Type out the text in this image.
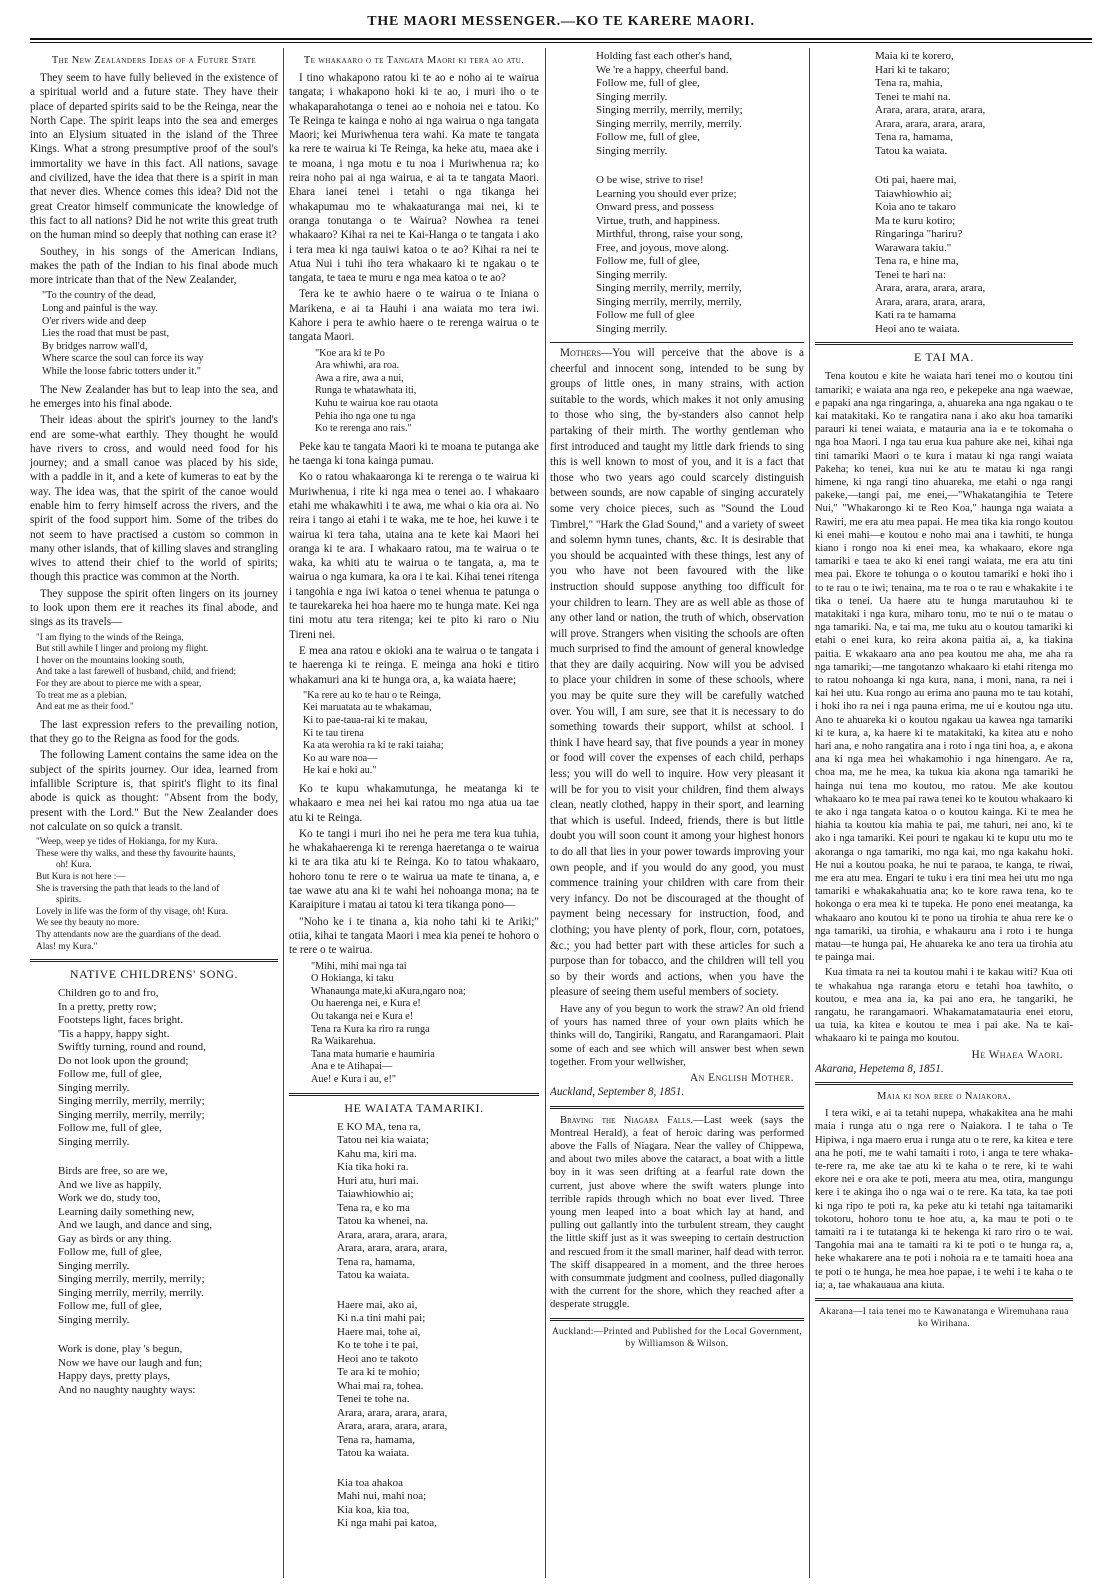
THE MAORI MESSENGER.—KO TE KARERE MAORI.
The New Zealanders Ideas of a Future State

They seem to have fully believed in the existence of a spiritual world and a future state. They have their place of departed spirits said to be the Reinga, near the North Cape. The spirit leaps into the sea and emerges into an Elysium situated in the island of the Three Kings. What a strong presumptive proof of the soul's immortality we have in this fact. All nations, savage and civilized, have the idea that there is a spirit in man that never dies. Whence comes this idea? Did not the great Creator himself communicate the knowledge of this fact to all nations? Did he not write this great truth on the human mind so deeply that nothing can erase it?

Southey, in his songs of the American Indians, makes the path of the Indian to his final abode much more intricate than that of the New Zealander,

"To the country of the dead,
Long and painful is the way.
O'er rivers wide and deep
Lies the road that must be past,
By bridges narrow wall'd,
Where scarce the soul can force its way
While the loose fabric totters under it."

The New Zealander has but to leap into the sea, and he emerges into his final abode.

Their ideas about the spirit's journey to the land's end are some-what earthly. They thought he would have rivers to cross, and would need food for his journey; and a small canoe was placed by his side, with a paddle in it, and a kete of kumeras to eat by the way. The idea was, that the spirit of the canoe would enable him to ferry himself across the rivers, and the spirit of the food support him. Some of the tribes do not seem to have practised a custom so common in many other islands, that of killing slaves and strangling wives to attend their chief to the world of spirits; though this practice was common at the North.

They suppose the spirit often lingers on its journey to look upon them ere it reaches its final abode, and sings as its travels—

"I am flying to the winds of the Reinga,
But still awhile I linger and prolong my flight.
I hover on the mountains looking south,
And take a last farewell of husband, child, and friend;
For they are about to pierce me with a spear,
To treat me as a plebian,
And eat me as their food."

The last expression refers to the prevailing notion, that they go to the Reigna as food for the gods.

The following Lament contains the same idea on the subject of the spirits journey. Our idea, learned from infallible Scripture is, that spirit's flight to its final abode is quick as thought: "Absent from the body, present with the Lord." But the New Zealander does not calculate on so quick a transit.

"Weep, weep ye tides of Hokianga, for my Kura.
These were thy walks, and these thy favourite haunts,
oh! Kura.
But Kura is not here :—
She is traversing the path that leads to the land of
spirits.
Lovely in life was the form of thy visage, oh! Kura.
We see thy beauty no more.
Thy attendants now are the guardians of the dead.
Alas! my Kura."
NATIVE CHILDRENS' SONG.
Children go to and fro,
In a pretty, pretty row;
Footsteps light, faces bright.
'Tis a happy, happy sight.
Swiftly turning, round and round,
Do not look upon the ground;
Follow me, full of glee,
Singing merrily.
Singing merrily, merrily, merrily;
Singing merrily, merrily, merrily;
Follow me, full of glee,
Singing merrily.
Birds are free, so are we,
And we live as happily,
Work we do, study too,
Learning daily something new,
And we laugh, and dance and sing,
Gay as birds or any thing.
Follow me, full of glee,
Singing merrily.
Singing merrily, merrily, merrily;
Singing merrily, merrily, merrily.
Follow me, full of glee,
Singing merrily.
Work is done, play 's begun,
Now we have our laugh and fun;
Happy days, pretty plays,
And no naughty naughty ways:
Te whakaaro o te Tangata Maori ki tera ao atu.

I tino whakapono ratou ki te ao e noho ai te wairua tangata; i whakapono hoki ki te ao, i muri iho o te whakaparahotanga o tenei ao e nohoia nei e tatou. Ko Te Reinga te kainga e noho ai nga wairua o nga tangata Maori; kei Muriwhenua tera wahi. Ka mate te tangata ka rere te wairua ki Te Reinga, ka heke atu, maea ake i te moana, i nga motu e tu noa i Muriwhenua ra; ko reira noho pai ai nga wairua, e ai ta te tangata Maori. Ehara ianei tenei i tetahi o nga tikanga hei whakapumau mo te whakaaturanga mai nei, ki te oranga tonutanga o te Wairua? Nowhea ra tenei whakaaro? Kihai ra nei te Kai-Hanga o te tangata i ako i tera mea ki nga tauiwi katoa o te ao? Kihai ra nei te Atua Nui i tuhi iho tera whakaaro ki te ngakau o te tangata, te taea te muru e nga mea katoa o te ao?

Tera ke te awhio haere o te wairua o te Iniana o Marikena, e ai ta Hauhi i ana waiata mo tera iwi. Kahore i pera te awhio haere o te rerenga wairua o te tangata Maori.

"Koe ara ki te Po
Ara whiwhi, ara roa.
Awa a rire, awa a nui,
Runga te whatawhata iti,
Kuhu te wairua koe rau otaota
Pehia iho nga one tu nga
Ko te rerenga ano rais."

Peke kau te tangata Maori ki te moana te putanga ake he taenga ki tona kainga pumau.

Ko o ratou whakaaronga ki te rerenga o te wairua ki Muriwhenua, i rite ki nga mea o tenei ao. I whakaaro etahi me whakawhiti i te awa, me whai o kia ora ai. No reira i tango ai etahi i te waka, me te hoe, hei kuwe i te wairua ki tera taha, utaina ana te kete kai Maori hei oranga ki te ara. I whakaaro ratou, ma te wairua o te waka, ka whiti atu te wairua o te tangata, a, ma te wairua o nga kumara, ka ora i te kai. Kihai tenei ritenga i tangohia e nga iwi katoa o tenei whenua te patunga o te taurekareka hei hoa haere mo te hunga mate. Kei nga tini motu atu tera ritenga; kei te pito ki raro o Niu Tireni nei.

E mea ana ratou e okioki ana te wairua o te tangata i te haerenga ki te reinga. E meinga ana hoki e titiro whakamuri ana ki te hunga ora, a, ka waiata haere;

"Ka rere au ko te hau o te Reinga,
Kei maruatata au te whakamau,
Ki to pae-taua-rai ki te makau,
Ki te tau tirena
Ka ata werohia ra ki te raki taiaha;
Ko au ware noa—
He kai e hoki au."

Ko te kupu whakamutunga, he meatanga ki te whakaaro e mea nei hei kai ratou mo nga atua ua tae atu ki te Reinga.

Ko te tangi i muri iho nei he pera me tera kua tuhia, he whakahaerenga ki te rerenga haeretanga o te wairua ki te ara tika atu ki te Reinga. Ko to tatou whakaaro, hohoro tonu te rere o te wairua ua mate te tinana, a, e tae wawe atu ana ki te wahi hei nohoanga mona; na te Karaipiture i matau ai tatou ki tera tikanga pono—

"Noho ke i te tinana a, kia noho tahi ki te Ariki;" otiia, kihai te tangata Maori i mea kia penei te hohoro o te rere o te wairua.

"Mihi, mihi mai nga tai
O Hokianga, ki taku
Whanaunga mate,ki aKura,ngaro noa;
Ou haerenga nei, e Kura e!
Ou takanga nei e Kura e!
Tena ra Kura ka riro ra runga
Ra Waikarehua.
Tana mata humarie e haumiria
Ana e te Atihapai—
Aue! e Kura i au, e!"
HE WAIATA TAMARIKI.
E KO MA, tena ra,
Tatou nei kia waiata;
Kahu ma, kiri ma.
Kia tika hoki ra.
Huri atu, huri mai.
Taiawhiowhio ai;
Tena ra, e ko ma
Tatou ka whenei, na.
Arara, arara, arara, arara,
Arara, arara, arara, arara,
Tena ra, hamama,
Tatou ka waiata.
Haere mai, ako ai,
Ki n.a tini mahi pai;
Haere mai, tohe ai,
Ko te tohe i te pai,
Heoi ano te takoto
Te ara ki te mohio;
Whai mai ra, tohea.
Tenei te tohe na.
Arara, arara, arara, arara,
Arara, arara, arara, arara,
Tena ra, hamama,
Tatou ka waiata.
Kia toa ahakoa
Mahi nui, mahi noa;
Kia koa, kia toa,
Ki nga mahi pai katoa,
Holding fast each other's hand,
We 're a happy, cheerful band.
Follow me, full of glee,
Singing merrily.
Singing merrily, merrily, merrily;
Singing merrily, merrily, merrily.
Follow me, full of glee,
Singing merrily.
O be wise, strive to rise!
Learning you should ever prize;
Onward press, and possess
Virtue, truth, and happiness.
Mirthful, throng, raise your song,
Free, and joyous, move along.
Follow me, full of glee,
Singing merrily.
Singing merrily, merrily, merrily,
Singing merrily, merrily, merrily,
Follow me full of glee
Singing merrily.

Mothers—You will perceive that the above is a cheerful and innocent song, intended to be sung by groups of little ones, in many strains, with action suitable to the words, which makes it not only amusing to those who sing, the by-standers also cannot help partaking of their mirth. The worthy gentleman who first introduced and taught my little dark friends to sing this is well known to most of you, and it is a fact that those who two years ago could scarcely distinguish between sounds, are now capable of singing accurately some very choice pieces, such as "Sound the Loud Timbrel," "Hark the Glad Sound," and a variety of sweet and solemn hymn tunes, chants, &c. It is desirable that you should be acquainted with these things, lest any of you who have not been favoured with the like instruction should suppose anything too difficult for your children to learn. They are as well able as those of any other land or nation, the truth of which, observation will prove. Strangers when visiting the schools are often much surprised to find the amount of general knowledge that they are daily acquiring. Now will you be advised to place your children in some of these schools, where you may be quite sure they will be carefully watched over. You will, I am sure, see that it is necessary to do something towards their support, whilst at school. I think I have heard say, that five pounds a year in money or food will cover the expenses of each child, perhaps less; you will do well to inquire. How very pleasant it will be for you to visit your children, find them always clean, neatly clothed, happy in their sport, and learning that which is useful. Indeed, friends, there is but little doubt you will soon count it among your highest honors to do all that lies in your power towards improving your own people, and if you would do any good, you must commence training your children with care from their very infancy. Do not be discouraged at the thought of payment being necessary for instruction, food, and clothing; you have plenty of pork, flour, corn, potatoes, &c.; you had better part with these articles for such a purpose than for tobacco, and the children will tell you so by their words and actions, when you have the pleasure of seeing them useful members of society.

Have any of you begun to work the straw? An old friend of yours has named three of your own plaits which he thinks will do, Tangiriki, Rangatu, and Rarangamaori. Plait some of each and see which will answer best when sewn together. From your wellwisher,

An English Mother.

Auckland, September 8, 1851.

Braving the Niagara Falls.—Last week (says the Montreal Herald), a feat of heroic daring was performed above the Falls of Niagara. Near the valley of Chippewa, and about two miles above the cataract, a boat with a little boy in it was seen drifting at a fearful rate down the current, just above where the swift waters plunge into terrible rapids through which no boat ever lived. Three young men leaped into a boat which lay at hand, and pulling out gallantly into the turbulent stream, they caught the little skiff just as it was sweeping to certain destruction and rescued from it the small mariner, half dead with terror. The skiff disappeared in a moment, and the three heroes with consummate judgment and coolness, pulled diagonally with the current for the shore, which they reached after a desperate struggle.

Auckland:—Printed and Published for the Local Government, by Williamson & Wilson.
Maia ki te korero,
Hari ki te takaro;
Tena ra, mahia,
Tenei te mahi na.
Arara, arara, arara, arara,
Arara, arara, arara, arara,
Tena ra, hamama,
Tatou ka waiata.
Oti pai, haere mai,
Taiawhiowhio ai;
Koia ano te takaro
Ma te kuru kotiro;
Ringaringa "hariru?
Warawara takiu."
Tena ra, e hine ma,
Tenei te hari na:
Arara, arara, arara, arara,
Arara, arara, arara, arara,
Kati ra te hamama
Heoi ano te waiata.
E TAI MA.

Tena koutou e kite he waiata hari tenei mo o koutou tini tamariki; e waiata ana nga reo, e pekepeke ana nga waewae, e papaki ana nga ringaringa, a, ahuareka ana nga ngakau o te kai matakitaki. Ko te rangatira nana i ako aku hoa tamariki parauri ki tenei waiata, e matauria ana ia e te tokomaha o nga hoa Maori. I nga tau erua kua pahure ake nei, kihai nga tini tamariki Maori o te kura i matau ki nga rangi waiata Pakeha; ko tenei, kua nui ke atu te matau ki nga rangi himene, ki nga rangi tino ahuareka, me etahi o nga rangi pakeke,—tangi pai, me enei,—"Whakatangihia te Tetere Nui," "Whakarongo ki te Reo Koa," haunga nga waiata a Rawiri, me era atu mea papai. He mea tika kia rongo koutou ki enei mahi—e koutou e noho mai ana i tawhiti, te hunga kiano i rongo noa ki enei mea, ka whakaaro, ekore nga tamariki e taea te ako ki enei rangi waiata, me era atu tini mea pai. Ekore te tohunga o o koutou tamariki e hoki iho i to te rau o te iwi; tenaina, ma te roa o te rau e whakakite i te tika o tenei. Ua haere atu te hunga marutauhou ki te matakitaki i nga kura, miharo tonu, mo te nui o te matau o nga tamariki. Na, e tai ma, me tuku atu o koutou tamariki ki etahi o enei kura, ko reira akona paitia ai, a, ka tiakina paitia. E wkakaaro ana ano pea koutou me aha, me aha ra nga tamariki;—me tangotanzo whakaaro ki etahi ritenga mo to ratou nohoanga ki nga kura, nana, i moni, nana, ra nei i kai hei utu. Kua rongo au erima ano pauna mo te tau kotahi, i hoki iho ra nei i nga pauna erima, me ui e koutou nga utu. Ano te ahuareka ki o koutou ngakau ua kawea nga tamariki ki te kura, a, ka haere ki te matakitaki, ka kitea atu e noho hari ana, e noho rangatira ana i roto i nga tini hoa, a, e akona ana ki nga mea hei whakamohio i nga hinengaro. Ae ra, choa ma, me he mea, ka tukua kia akona nga tamariki he hainga nui tena mo koutou, mo ratou. Me ake koutou whakaaro ko te mea pai rawa tenei ko te koutou whakaaro ki te ako i nga tangata katoa o o koutou kainga. Ki te mea he hiahia ta koutou kia mahia te pai, me tahuri, nei ano, ki te ako i nga tamariki. Kei pouri te ngakau ki te kupu utu mo te akoranga o nga tamariki, mo nga kai, mo nga kakahu hoki. He nui a koutou poaka, he nui te paraoa, te kanga, te riwai, me era atu mea. Engari te tuku i era tini mea hei utu mo nga tamariki e whakakahuatia ana; ko te kore rawa tena, ko te hokonga o era mea ki te tupeka. He pono enei meatanga, ka whakaaro ano koutou ki te pono ua tirohia te ahua rere ke o nga tamariki, ua tirohia, e whakauru ana i roto i te hunga matau—te hunga pai, He ahuareka ke ano tera ua tirohia atu te painga mai.

Kua timata ra nei ta koutou mahi i te kakau witi? Kua oti te whakahua nga raranga etoru e tetahi hoa tawhito, o koutou, e mea ana ia, ka pai ano era, he tangariki, he rangatu, he rarangamaori. Whakamatamatauria enei etoru, ua tuia, ka kitea e koutou te mea i pai ake. Na te kai-whakaaro ki te painga mo koutou.

He Whaea Waori.

Akarana, Hepetema 8, 1851.

Maia ki noa rere o Naiakora.

I tera wiki, e ai ta tetahi nupepa, whakakitea ana he mahi maia i runga atu o nga rere o Naiakora. I te taha o Te Hipiwa, i nga maero erua i runga atu o te rere, ka kitea e tere ana he poti, me te wahi tamaiti i roto, i anga te tere whaka-te-rere ra, me ake tae atu ki te kaha o te rere, ki te wahi ekore nei e ora ake te poti, meera atu mea, otira, mangungu kere i te akinga iho o nga wai o te rere. Ka tata, ka tae poti ki nga ripo te poti ra, ka peke atu ki tetahi nga taitamariki tokotoru, hohoro tonu te hoe atu, a, ka mau te poti o te tamaiti ra i te tutatanga ki te hekenga ki raro riro o te wai. Tangohia mai ana te tamaiti ra ki te poti o te hunga ra, a, heke whakarere ana te poti i nohoia ra e te tamaiti hoea ana te poti o te hunga, he mea hoe papae, i te wehi i te kaha o te ia; a, tae whakauaua ana kiuta.

Akarana—I taia tenei mo te Kawanatanga e Wiremuhana raua ko Wirihana.
